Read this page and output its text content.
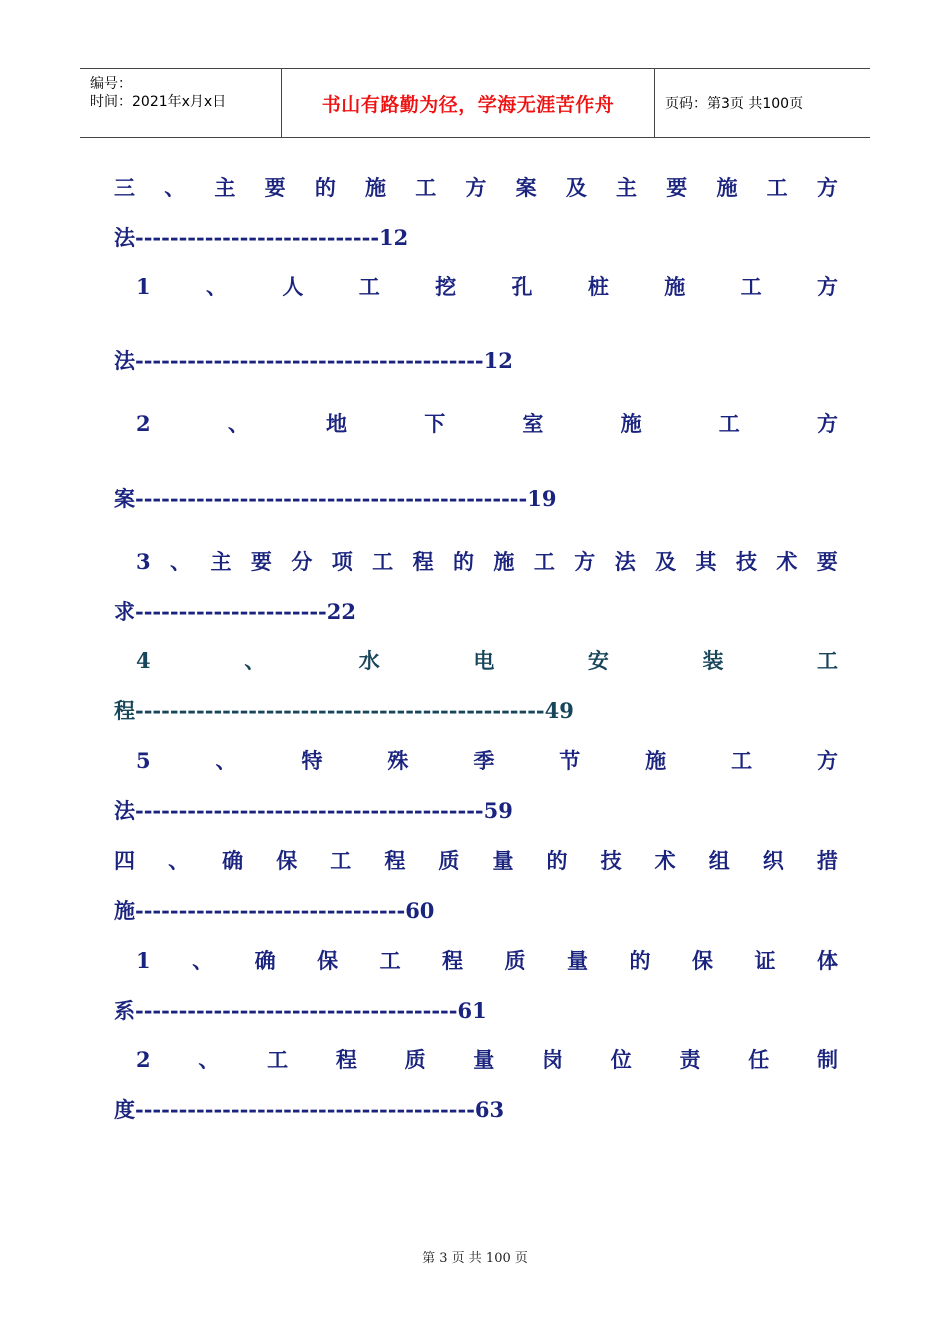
编号：
时间：2021年x月x日	书山有路勤为径，学海无涯苦作舟	页码：第3页 共100页
三 、 主 要 的 施 工 方 案 及 主 要 施 工 方
法----------------------------12
1	、	人	工	挖	孔	桩	施	工	方
法----------------------------------------12
2	、	地	下	室	施	工	方
案---------------------------------------------19
3 、 主 要 分 项 工 程 的 施 工 方 法 及 其 技 术 要
求----------------------22
4	、	水	电	安	装	工
程-----------------------------------------------49
5	、	特	殊	季	节	施	工	方
法----------------------------------------59
四 、 确 保 工 程 质 量 的 技 术 组 织 措
施-------------------------------60
1 、 确 保 工 程 质 量 的 保 证 体
系-------------------------------------61
2 、 工 程 质 量 岗 位 责 任 制
度---------------------------------------63
第 3 页 共 100 页
